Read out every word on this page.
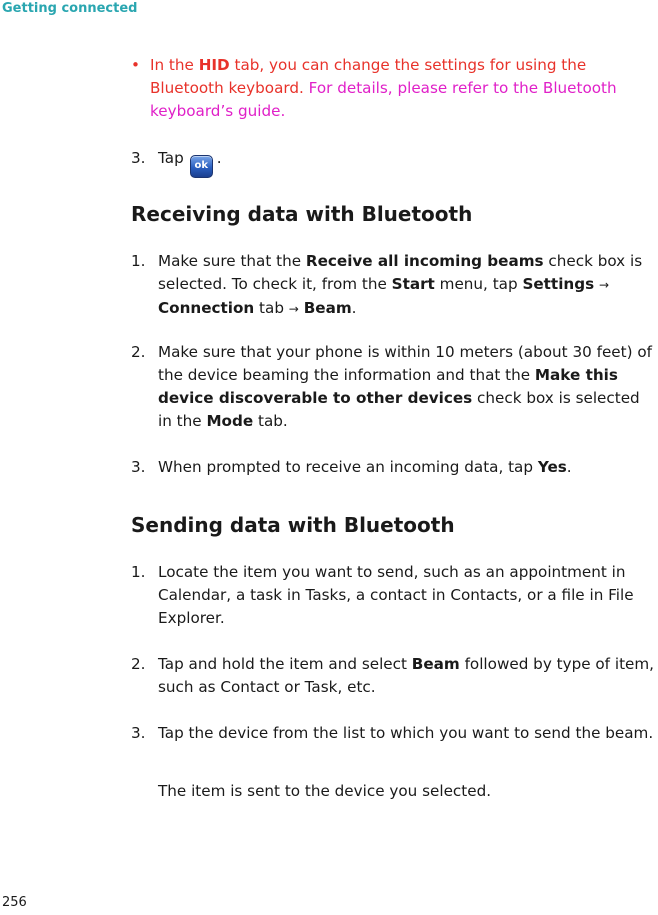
Getting connected
• In the HID tab, you can change the settings for using the Bluetooth keyboard. For details, please refer to the Bluetooth keyboard’s guide.
3. Tap ok .
Receiving data with Bluetooth
1. Make sure that the Receive all incoming beams check box is selected. To check it, from the Start menu, tap Settings → Connection tab → Beam.
2. Make sure that your phone is within 10 meters (about 30 feet) of the device beaming the information and that the Make this device discoverable to other devices check box is selected in the Mode tab.
3. When prompted to receive an incoming data, tap Yes.
Sending data with Bluetooth
1. Locate the item you want to send, such as an appointment in Calendar, a task in Tasks, a contact in Contacts, or a file in File Explorer.
2. Tap and hold the item and select Beam followed by type of item, such as Contact or Task, etc.
3. Tap the device from the list to which you want to send the beam.
The item is sent to the device you selected.
256
